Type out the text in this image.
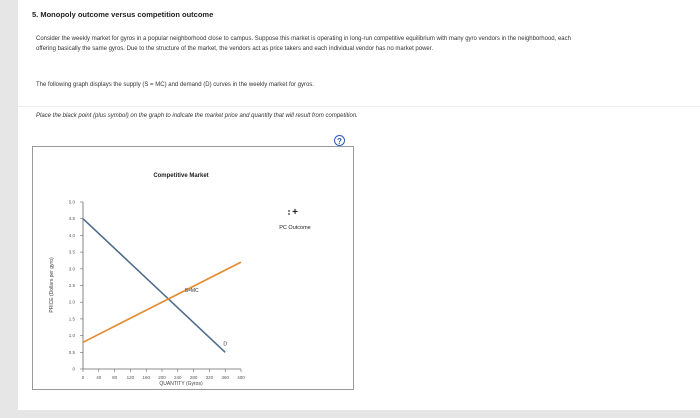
5. Monopoly outcome versus competition outcome
Consider the weekly market for gyros in a popular neighborhood close to campus. Suppose this market is operating in long-run competitive equilibrium with many gyro vendors in the neighborhood, each offering basically the same gyros. Due to the structure of the market, the vendors act as price takers and each individual vendor has no market power.
The following graph displays the supply (S = MC) and demand (D) curves in the weekly market for gyros.
Place the black point (plus symbol) on the graph to indicate the market price and quantity that will result from competition.
Competitive Market
PRICE (Dollars per gyro)
QUANTITY (Gyros)
0
0.5
1.0
1.5
2.0
2.5
3.0
3.5
4.0
4.5
5.0
0	40 80 120 160 200 240 280 320 360 400
S=MC
D
+
PC Outcome
?
